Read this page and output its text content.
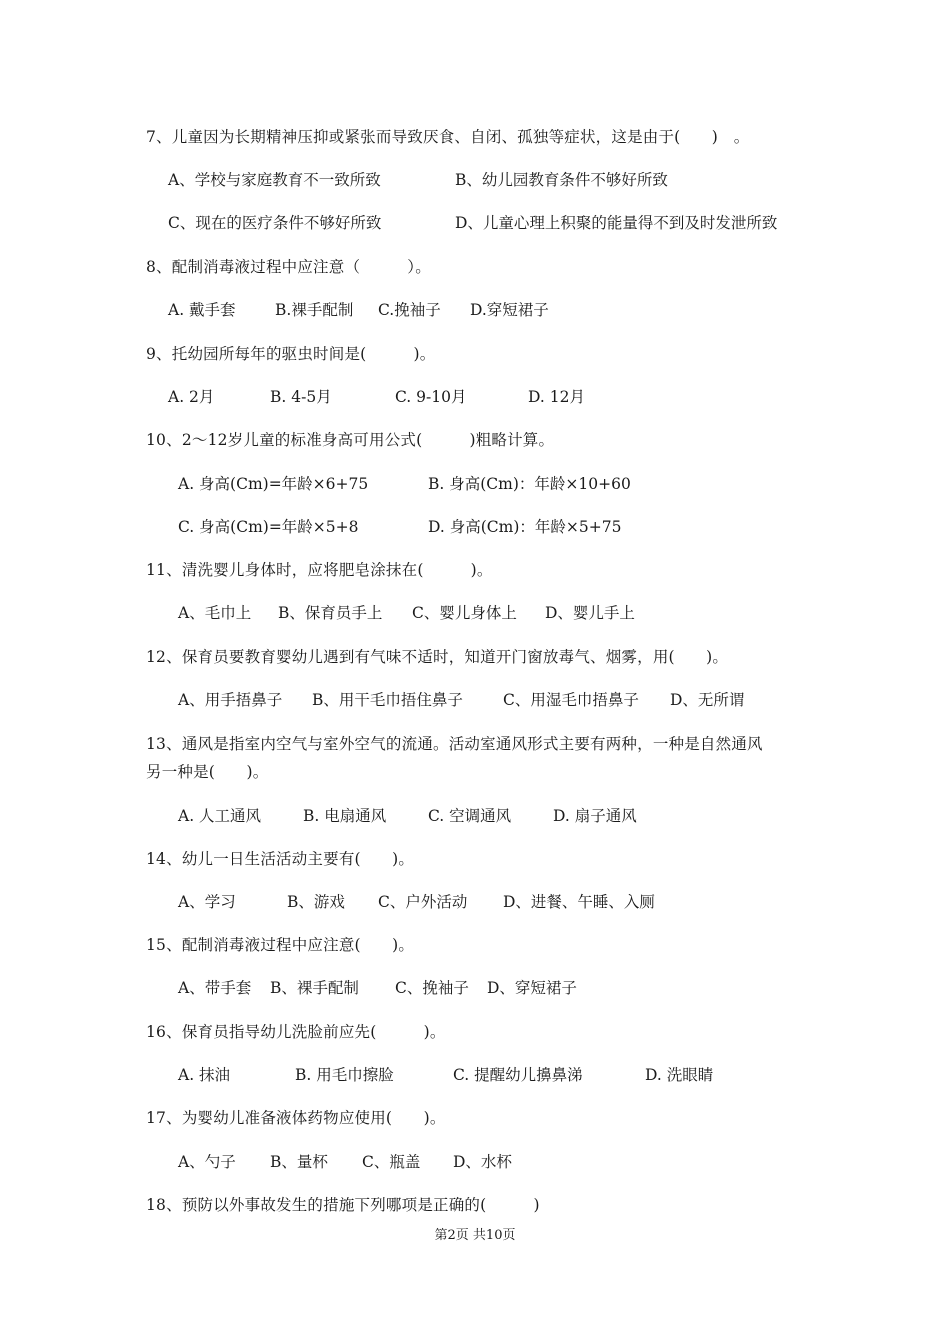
7、儿童因为长期精神压抑或紧张而导致厌食、自闭、孤独等症状，这是由于(　　)　。
A、学校与家庭教育不一致所致	B、幼儿园教育条件不够好所致
C、现在的医疗条件不够好所致	D、儿童心理上积聚的能量得不到及时发泄所致
8、配制消毒液过程中应注意（　　　）。
A. 戴手套	B.裸手配制 C.挽袖子 D.穿短裙子
9、托幼园所每年的驱虫时间是(　　　)。
A. 2月	B. 4-5月	C. 9-10月	D. 12月
10、2～12岁儿童的标准身高可用公式(　　　)粗略计算。
A. 身高(Cm)=年龄×6+75	B. 身高(Cm)：年龄×10+60
C. 身高(Cm)=年龄×5+8	D. 身高(Cm)：年龄×5+75
11、清洗婴儿身体时，应将肥皂涂抹在(　　　)。
A、毛巾上 B、保育员手上 C、婴儿身体上 D、婴儿手上
12、保育员要教育婴幼儿遇到有气味不适时，知道开门窗放毒气、烟雾，用(　　)。
A、用手捂鼻子 B、用干毛巾捂住鼻子	C、用湿毛巾捂鼻子 D、无所谓
13、通风是指室内空气与室外空气的流通。活动室通风形式主要有两种，一种是自然通风
另一种是(　　)。
A. 人工通风	B. 电扇通风	C. 空调通风	D. 扇子通风
14、幼儿一日生活活动主要有(　　)。
A、学习	B、游戏 C、户外活动 D、进餐、午睡、入厕
15、配制消毒液过程中应注意(　　)。
A、带手套 B、裸手配制 C、挽袖子 D、穿短裙子
16、保育员指导幼儿洗脸前应先(　　　)。
A. 抹油	B. 用毛巾擦脸	C. 提醒幼儿擤鼻涕	D. 洗眼睛
17、为婴幼儿准备液体药物应使用(　　)。
A、勺子 B、量杯 C、瓶盖 D、水杯
18、预防以外事故发生的措施下列哪项是正确的(　　　)
第2页 共10页
